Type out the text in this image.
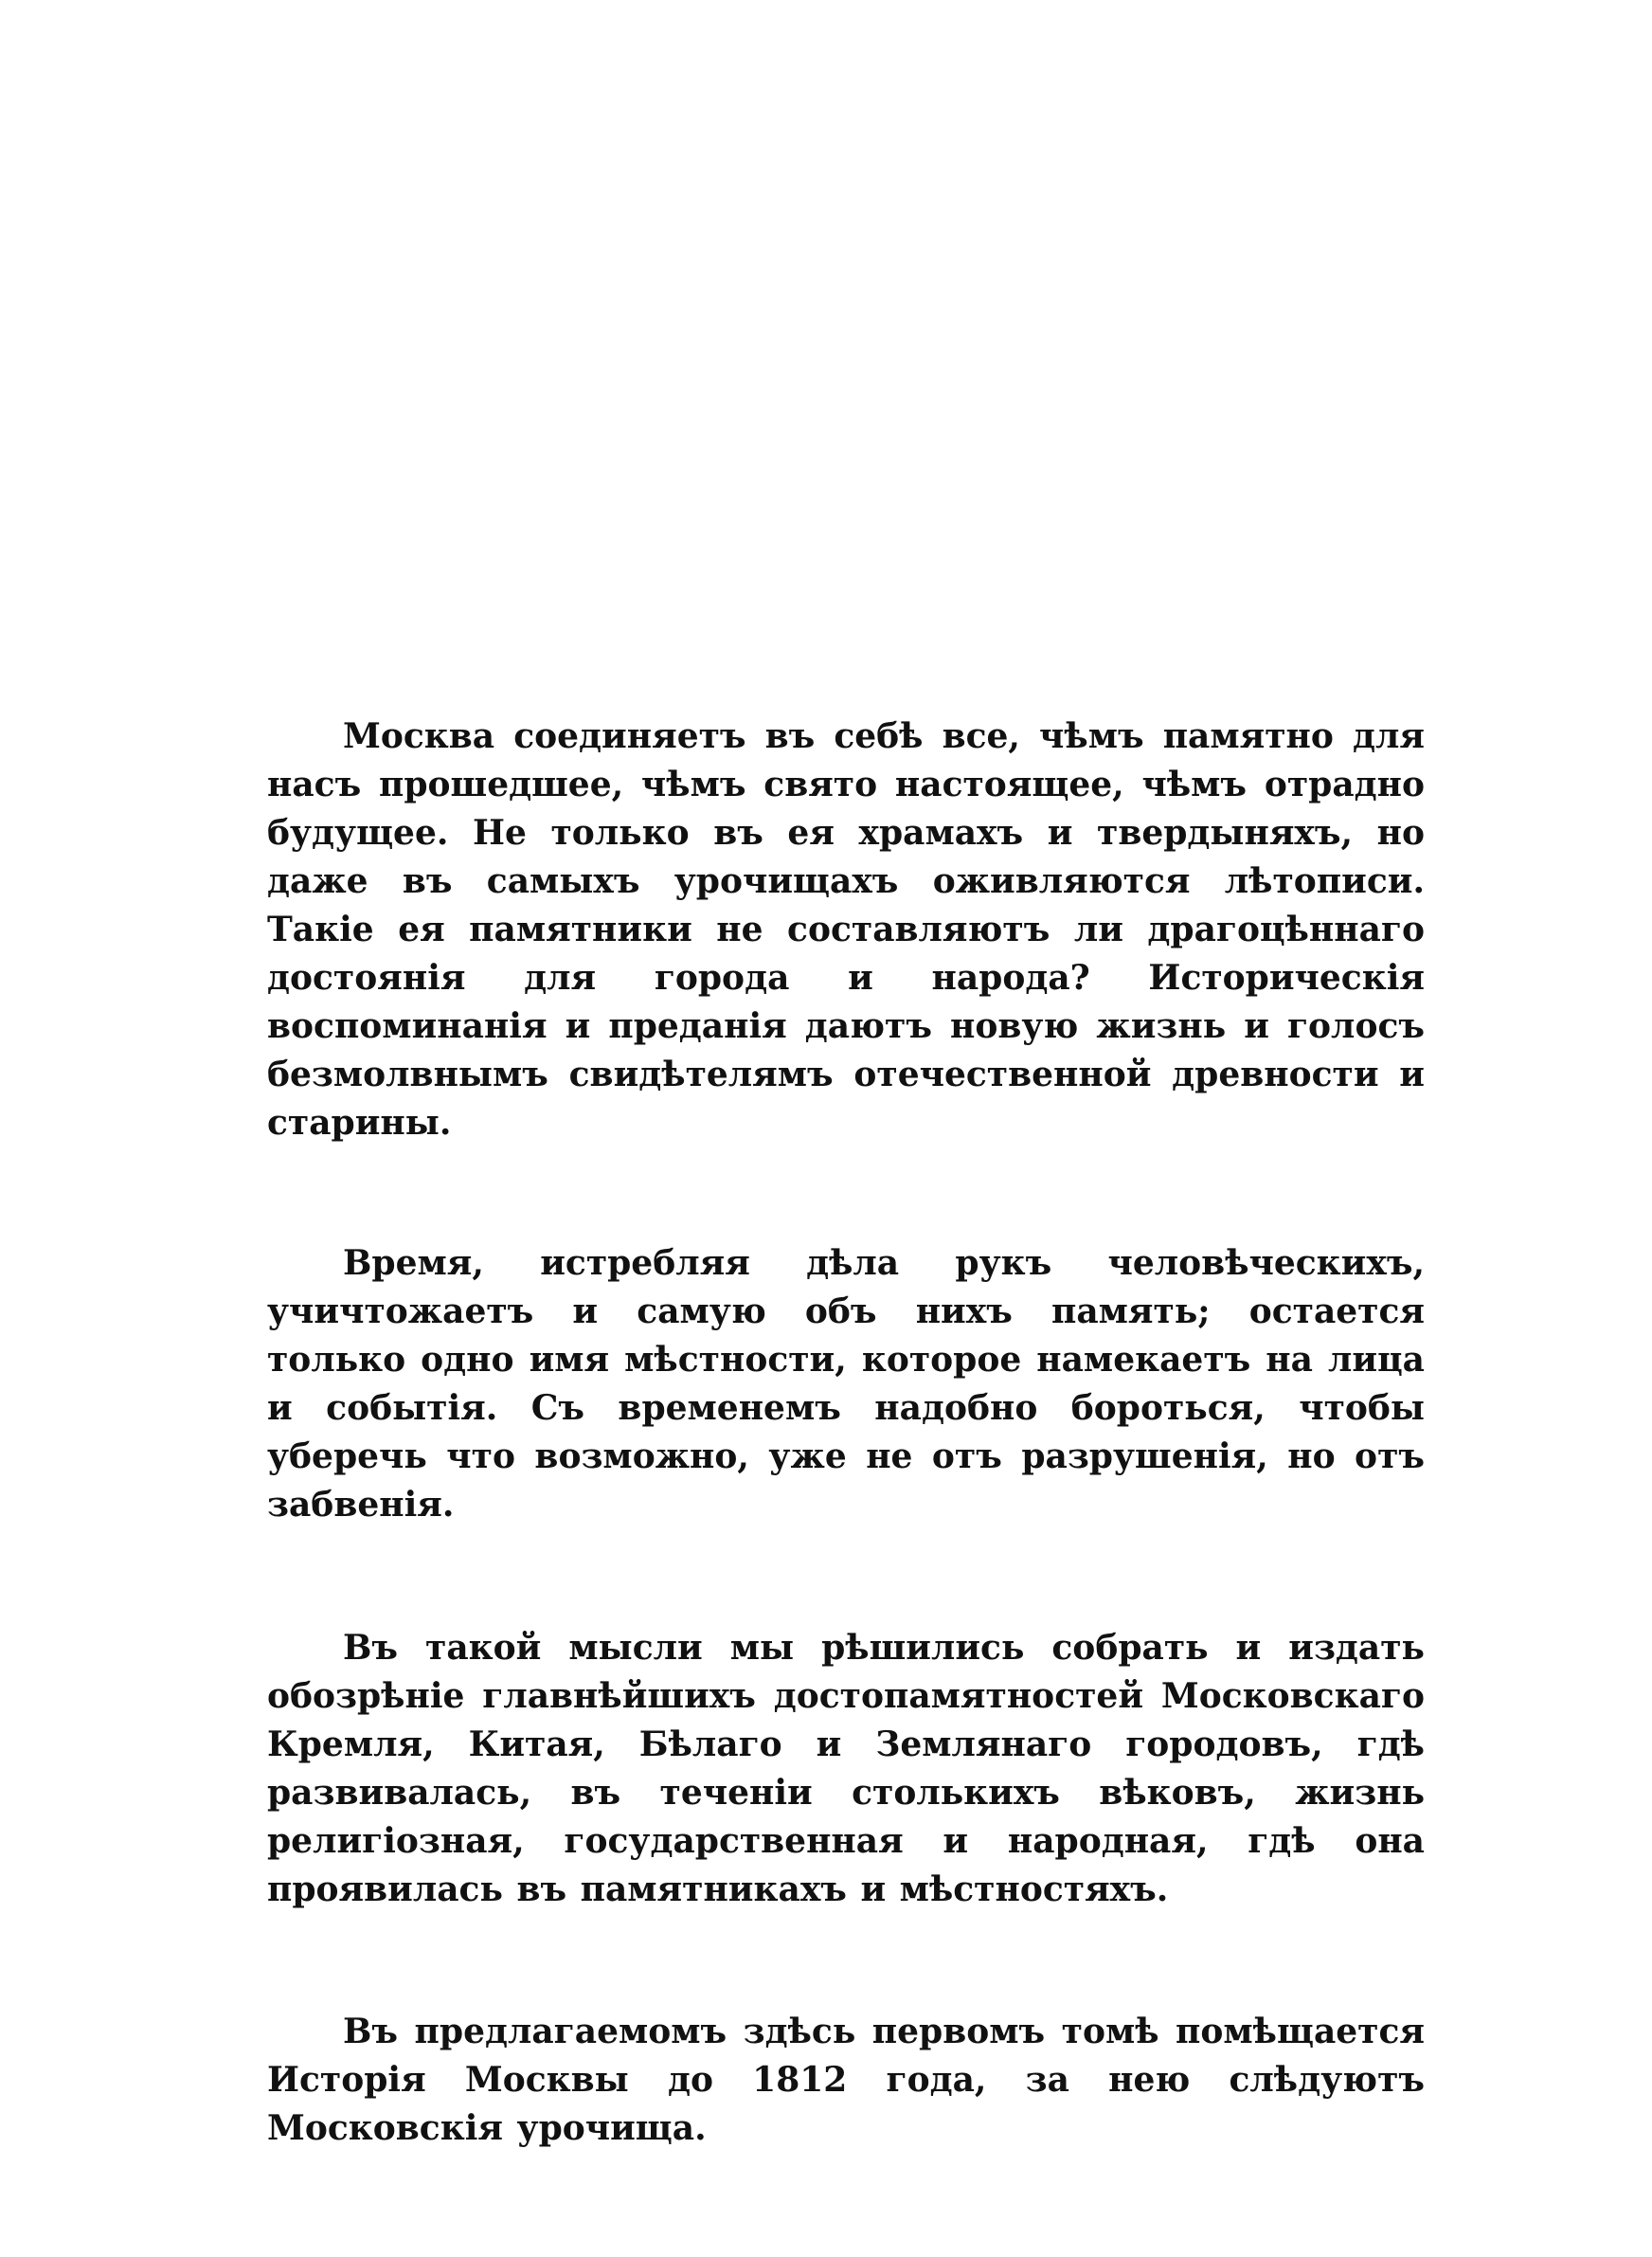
Москва соединяетъ въ себѣ все, чѣмъ памятно для насъ прошедшее, чѣмъ свято настоящее, чѣмъ отрадно будущее. Не только въ ея храмахъ и твердыняхъ, но даже въ самыхъ урочищахъ оживляются лѣтописи. Такіе ея памятники не составляютъ ли драгоцѣннаго достоянія для города и народа? Историческія воспоминанія и преданія даютъ новую жизнь и голосъ безмолвнымъ свидѣтелямъ отечественной древности и старины.

Время, истребляя дѣла рукъ человѣческихъ, учичтожаетъ и самую объ нихъ память; остается только одно имя мѣстности, которое намекаетъ на лица и событія. Съ временемъ надобно бороться, чтобы уберечь что возможно, уже не отъ разрушенія, но отъ забвенія.

Въ такой мысли мы рѣшились собрать и издать обозрѣніе главнѣйшихъ достопамятностей Московскаго Кремля, Китая, Бѣлаго и Землянаго городовъ, гдѣ развивалась, въ теченіи столькихъ вѣковъ, жизнь религіозная, государственная и народная, гдѣ она проявилась въ памятникахъ и мѣстностяхъ.

Въ предлагаемомъ здѣсь первомъ томѣ помѣщается Исторія Москвы до 1812 года, за нею слѣдуютъ Московскія урочища.
